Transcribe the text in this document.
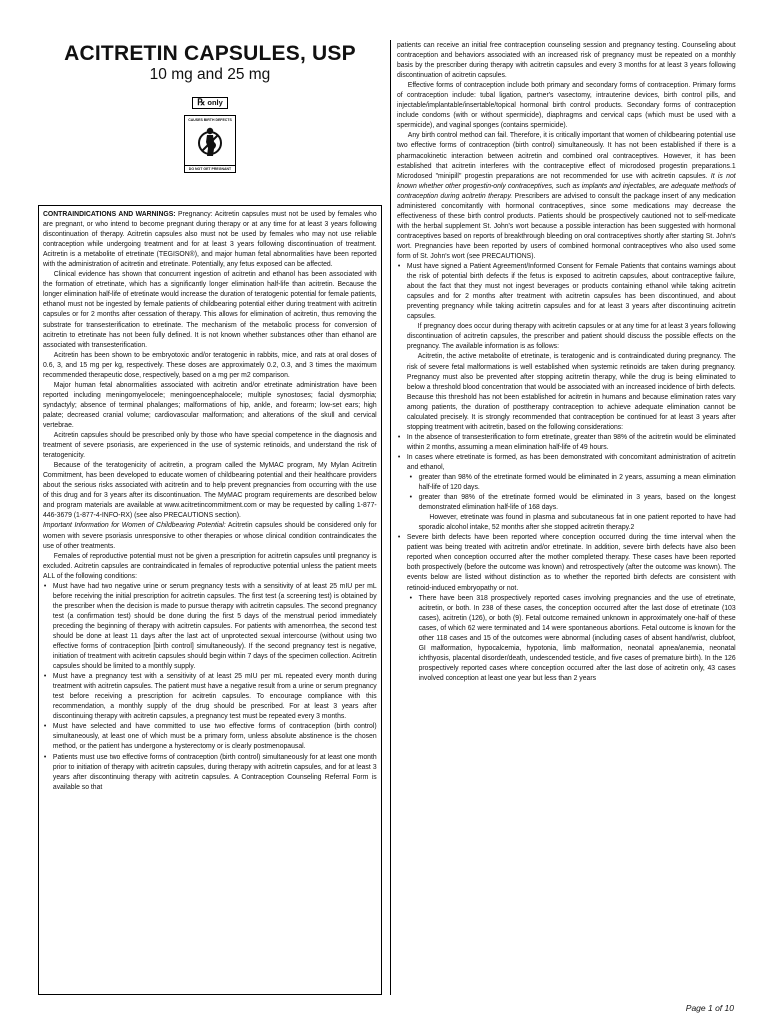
ACITRETIN CAPSULES, USP
10 mg and 25 mg
℞ only
CAUSES BIRTH DEFECTS
DO NOT GET PREGNANT

CONTRAINDICATIONS AND WARNINGS: Pregnancy: Acitretin capsules must not be used by females who are pregnant, or who intend to become pregnant during therapy or at any time for at least 3 years following discontinuation of therapy. Acitretin capsules also must not be used by females who may not use reliable contraception while undergoing treatment and for at least 3 years following discontinuation of treatment. Acitretin is a metabolite of etretinate (TEGISON®), and major human fetal abnormalities have been reported with the administration of acitretin and etretinate. Potentially, any fetus exposed can be affected.

Clinical evidence has shown that concurrent ingestion of acitretin and ethanol has been associated with the formation of etretinate, which has a significantly longer elimination half-life than acitretin. Because the longer elimination half-life of etretinate would increase the duration of teratogenic potential for female patients, ethanol must not be ingested by female patients of childbearing potential either during treatment with acitretin capsules or for 2 months after cessation of therapy. This allows for elimination of acitretin, thus removing the substrate for transesterification to etretinate. The mechanism of the metabolic process for conversion of acitretin to etretinate has not been fully defined. It is not known whether substances other than ethanol are associated with transesterification.

Acitretin has been shown to be embryotoxic and/or teratogenic in rabbits, mice, and rats at oral doses of 0.6, 3, and 15 mg per kg, respectively. These doses are approximately 0.2, 0.3, and 3 times the maximum recommended therapeutic dose, respectively, based on a mg per m2 comparison.

Major human fetal abnormalities associated with acitretin and/or etretinate administration have been reported including meningomyelocele; meningoencephalocele; multiple synostoses; facial dysmorphia; syndactyly; absence of terminal phalanges; malformations of hip, ankle, and forearm; low-set ears; high palate; decreased cranial volume; cardiovascular malformation; and alterations of the skull and cervical vertebrae.

Acitretin capsules should be prescribed only by those who have special competence in the diagnosis and treatment of severe psoriasis, are experienced in the use of systemic retinoids, and understand the risk of teratogenicity.

Because of the teratogenicity of acitretin, a program called the MyMAC program, My Mylan Acitretin Commitment, has been developed to educate women of childbearing potential and their healthcare providers about the serious risks associated with acitretin and to help prevent pregnancies from occurring with the use of this drug and for 3 years after its discontinuation. The MyMAC program requirements are described below and program materials are available at www.acitretincommitment.com or may be requested by calling 1-877-446-3679 (1-877-4-INFO-RX) (see also PRECAUTIONS section).

Important Information for Women of Childbearing Potential: Acitretin capsules should be considered only for women with severe psoriasis unresponsive to other therapies or whose clinical condition contraindicates the use of other treatments.

Females of reproductive potential must not be given a prescription for acitretin capsules until pregnancy is excluded. Acitretin capsules are contraindicated in females of reproductive potential unless the patient meets ALL of the following conditions:

• Must have had two negative urine or serum pregnancy tests with a sensitivity of at least 25 mIU per mL before receiving the initial prescription for acitretin capsules. The first test (a screening test) is obtained by the prescriber when the decision is made to pursue therapy with acitretin capsules. The second pregnancy test (a confirmation test) should be done during the first 5 days of the menstrual period immediately preceding the beginning of therapy with acitretin capsules. For patients with amenorrhea, the second test should be done at least 11 days after the last act of unprotected sexual intercourse (without using two effective forms of contraception [birth control] simultaneously). If the second pregnancy test is negative, initiation of treatment with acitretin capsules should begin within 7 days of the specimen collection. Acitretin capsules should be limited to a monthly supply.
• Must have a pregnancy test with a sensitivity of at least 25 mIU per mL repeated every month during treatment with acitretin capsules. The patient must have a negative result from a urine or serum pregnancy test before receiving a prescription for acitretin capsules. To encourage compliance with this recommendation, a monthly supply of the drug should be prescribed. For at least 3 years after discontinuing therapy with acitretin capsules, a pregnancy test must be repeated every 3 months.
• Must have selected and have committed to use two effective forms of contraception (birth control) simultaneously, at least one of which must be a primary form, unless absolute abstinence is the chosen method, or the patient has undergone a hysterectomy or is clearly postmenopausal.
• Patients must use two effective forms of contraception (birth control) simultaneously for at least one month prior to initiation of therapy with acitretin capsules, during therapy with acitretin capsules, and for at least 3 years after discontinuing therapy with acitretin capsules. A Contraception Counseling Referral Form is available so that

patients can receive an initial free contraception counseling session and pregnancy testing. Counseling about contraception and behaviors associated with an increased risk of pregnancy must be repeated on a monthly basis by the prescriber during therapy with acitretin capsules and every 3 months for at least 3 years following discontinuation of acitretin capsules.

Effective forms of contraception include both primary and secondary forms of contraception. Primary forms of contraception include: tubal ligation, partner's vasectomy, intrauterine devices, birth control pills, and injectable/implantable/insertable/topical hormonal birth control products. Secondary forms of contraception include condoms (with or without spermicide), diaphragms and cervical caps (which must be used with a spermicide), and vaginal sponges (contains spermicide).

Any birth control method can fail. Therefore, it is critically important that women of childbearing potential use two effective forms of contraception (birth control) simultaneously. It has not been established if there is a pharmacokinetic interaction between acitretin and combined oral contraceptives. However, it has been established that acitretin interferes with the contraceptive effect of microdosed progestin preparations.1 Microdosed "minipill" progestin preparations are not recommended for use with acitretin capsules. It is not known whether other progestin-only contraceptives, such as implants and injectables, are adequate methods of contraception during acitretin therapy. Prescribers are advised to consult the package insert of any medication administered concomitantly with hormonal contraceptives, since some medications may decrease the effectiveness of these birth control products. Patients should be prospectively cautioned not to self-medicate with the herbal supplement St. John's wort because a possible interaction has been suggested with hormonal contraceptives based on reports of breakthrough bleeding on oral contraceptives shortly after starting St. John's wort. Pregnancies have been reported by users of combined hormonal contraceptives who also used some form of St. John's wort (see PRECAUTIONS).

• Must have signed a Patient Agreement/Informed Consent for Female Patients that contains warnings about the risk of potential birth defects if the fetus is exposed to acitretin capsules, about contraceptive failure, about the fact that they must not ingest beverages or products containing ethanol while taking acitretin capsules and for 2 months after treatment with acitretin capsules has been discontinued, and about preventing pregnancy while taking acitretin capsules and for at least 3 years after discontinuing acitretin capsules.

If pregnancy does occur during therapy with acitretin capsules or at any time for at least 3 years following discontinuation of acitretin capsules, the prescriber and patient should discuss the possible effects on the pregnancy. The available information is as follows:

Acitretin, the active metabolite of etretinate, is teratogenic and is contraindicated during pregnancy. The risk of severe fetal malformations is well established when systemic retinoids are taken during pregnancy. Pregnancy must also be prevented after stopping acitretin therapy, while the drug is being eliminated to below a threshold blood concentration that would be associated with an increased incidence of birth defects. Because this threshold has not been established for acitretin in humans and because elimination rates vary among patients, the duration of posttherapy contraception to achieve adequate elimination cannot be calculated precisely. It is strongly recommended that contraception be continued for at least 3 years after stopping treatment with acitretin, based on the following considerations:

• In the absence of transesterification to form etretinate, greater than 98% of the acitretin would be eliminated within 2 months, assuming a mean elimination half-life of 49 hours.

• In cases where etretinate is formed, as has been demonstrated with concomitant administration of acitretin and ethanol,

• greater than 98% of the etretinate formed would be eliminated in 2 years, assuming a mean elimination half-life of 120 days.

• greater than 98% of the etretinate formed would be eliminated in 3 years, based on the longest demonstrated elimination half-life of 168 days.

However, etretinate was found in plasma and subcutaneous fat in one patient reported to have had sporadic alcohol intake, 52 months after she stopped acitretin therapy.2

• Severe birth defects have been reported where conception occurred during the time interval when the patient was being treated with acitretin and/or etretinate. In addition, severe birth defects have also been reported when conception occurred after the mother completed therapy. These cases have been reported both prospectively (before the outcome was known) and retrospectively (after the outcome was known). The events below are listed without distinction as to whether the reported birth defects are consistent with retinoid-induced embryopathy or not.

• There have been 318 prospectively reported cases involving pregnancies and the use of etretinate, acitretin, or both. In 238 of these cases, the conception occurred after the last dose of etretinate (103 cases), acitretin (126), or both (9). Fetal outcome remained unknown in approximately one-half of these cases, of which 62 were terminated and 14 were spontaneous abortions. Fetal outcome is known for the other 118 cases and 15 of the outcomes were abnormal (including cases of absent hand/wrist, clubfoot, GI malformation, hypocalcemia, hypotonia, limb malformation, neonatal apnea/anemia, neonatal ichthyosis, placental disorder/death, undescended testicle, and five cases of premature birth). In the 126 prospectively reported cases where conception occurred after the last dose of acitretin only, 43 cases involved conception at least one year but less than 2 years
Page 1 of 10
